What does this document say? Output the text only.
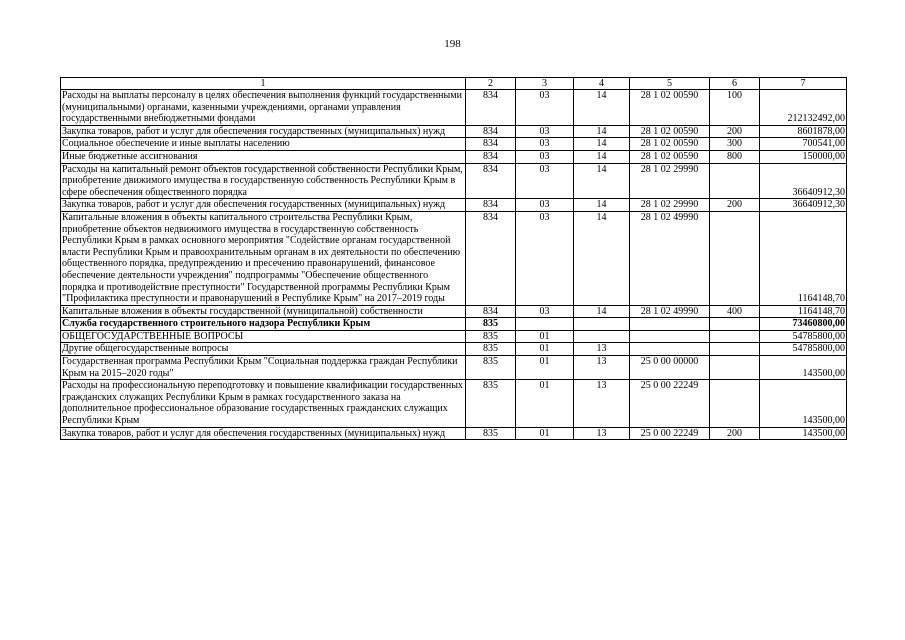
198
1	2	3	4	5	6	7
Расходы на выплаты персоналу в целях обеспечения выполнения функций государственными (муниципальными) органами, казенными учреждениями, органами управления государственными внебюджетными фондами	834	03	14	28 1 02 00590	100	212132492,00
Закупка товаров, работ и услуг для обеспечения государственных (муниципальных) нужд	834	03	14	28 1 02 00590	200	8601878,00
Социальное обеспечение и иные выплаты населению	834	03	14	28 1 02 00590	300	700541,00
Иные бюджетные ассигнования	834	03	14	28 1 02 00590	800	150000,00
Расходы на капитальный ремонт объектов государственной собственности Республики Крым, приобретение движимого имущества в государственную собственность Республики Крым в сфере обеспечения общественного порядка	834	03	14	28 1 02 29990		36640912,30
Закупка товаров, работ и услуг для обеспечения государственных (муниципальных) нужд	834	03	14	28 1 02 29990	200	36640912,30
Капитальные вложения в объекты капитального строительства Республики Крым, приобретение объектов недвижимого имущества в государственную собственность Республики Крым в рамках основного мероприятия "Содействие органам государственной власти Республики Крым и правоохранительным органам в их деятельности по обеспечению общественного порядка, предупреждению и пресечению правонарушений, финансовое обеспечение деятельности учреждения" подпрограммы "Обеспечение общественного порядка и противодействие преступности" Государственной программы Республики Крым "Профилактика преступности и правонарушений в Республике Крым" на 2017–2019 годы	834	03	14	28 1 02 49990		1164148,70
Капитальные вложения в объекты государственной (муниципальной) собственности	834	03	14	28 1 02 49990	400	1164148,70
Служба государственного строительного надзора Республики Крым	835					73460800,00
ОБЩЕГОСУДАРСТВЕННЫЕ ВОПРОСЫ	835	01				54785800,00
Другие общегосударственные вопросы	835	01	13			54785800,00
Государственная программа Республики Крым "Социальная поддержка граждан Республики Крым на 2015–2020 годы"	835	01	13	25 0 00 00000		143500,00
Расходы на профессиональную переподготовку и повышение квалификации государственных гражданских служащих Республики Крым в рамках государственного заказа на дополнительное профессиональное образование государственных гражданских служащих Республики Крым	835	01	13	25 0 00 22249		143500,00
Закупка товаров, работ и услуг для обеспечения государственных (муниципальных) нужд	835	01	13	25 0 00 22249	200	143500,00
